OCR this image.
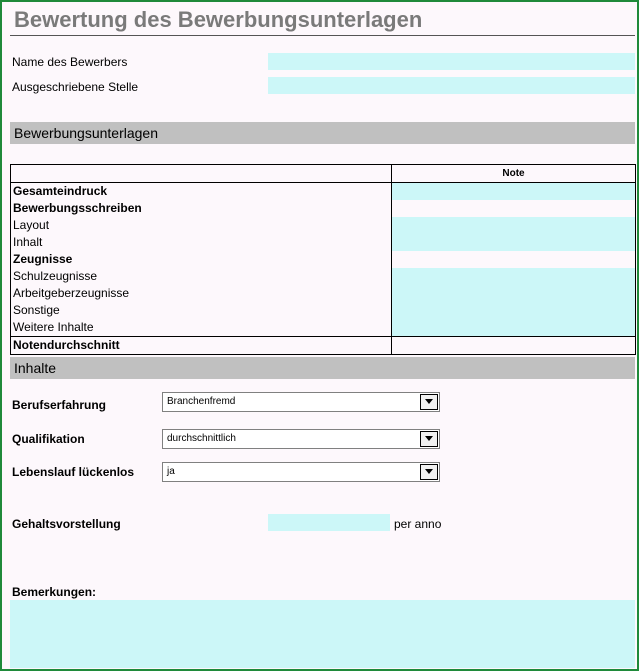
Bewertung des Bewerbungsunterlagen
Name des Bewerbers
Ausgeschriebene Stelle
Bewerbungsunterlagen
	Note
Gesamteindruck	
Bewerbungsschreiben	
Layout	
Inhalt	
Zeugnisse	
Schulzeugnisse	
Arbeitgeberzeugnisse	
Sonstige	
Weitere Inhalte	
Notendurchschnitt	
Inhalte
Berufserfahrung	Branchenfremd
Qualifikation	durchschnittlich
Lebenslauf lückenlos	ja
Gehaltsvorstellung	per anno
Bemerkungen:
